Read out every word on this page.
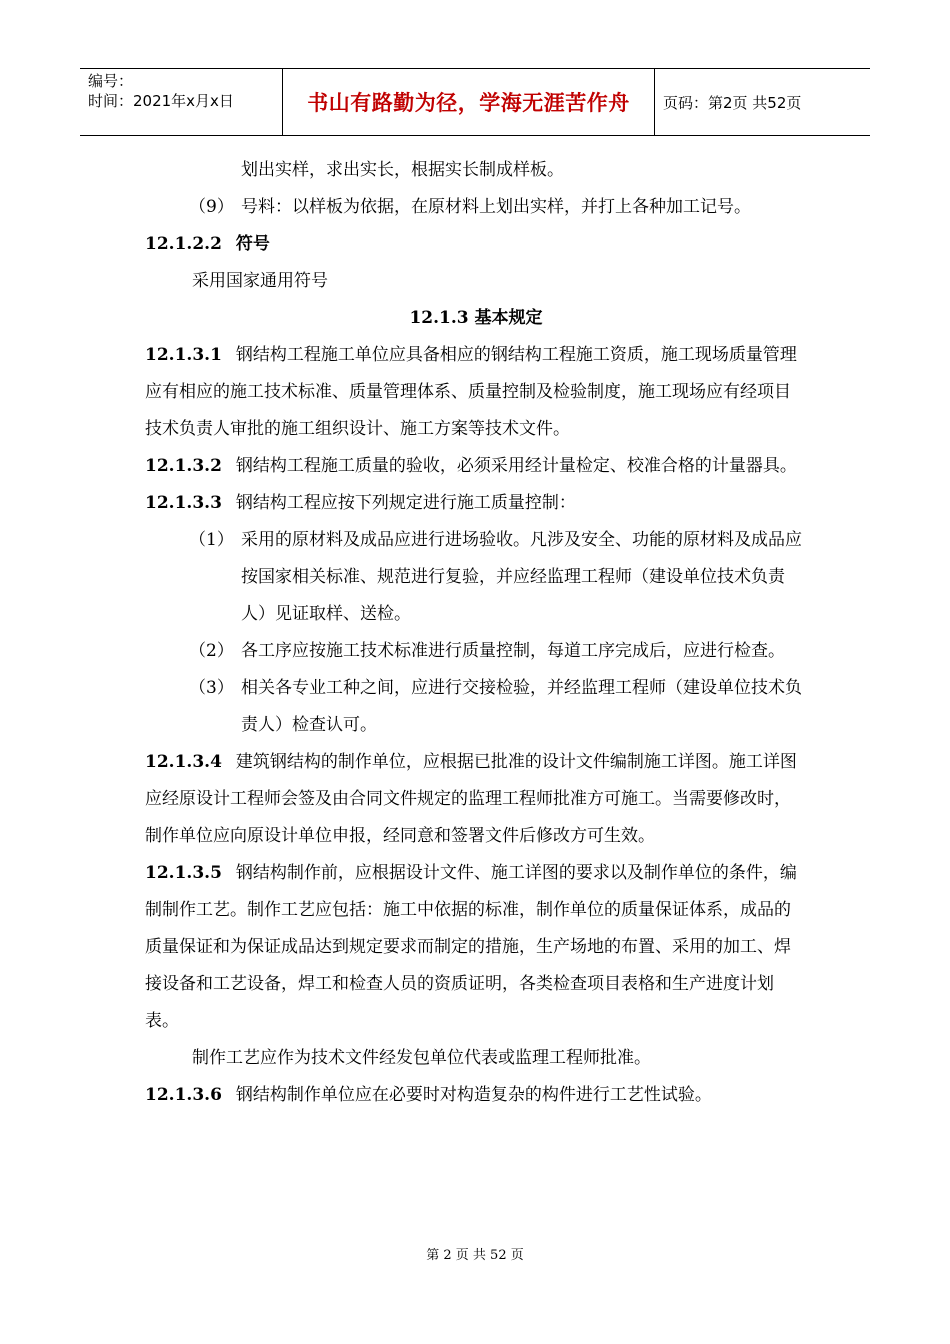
编号：
时间：2021年x月x日	书山有路勤为径，学海无涯苦作舟	页码：第2页 共52页

划出实样，求出实长，根据实长制成样板。

（9） 号料：以样板为依据，在原材料上划出实样，并打上各种加工记号。

12.1.2.2 符号

采用国家通用符号

12.1.3 基本规定

12.1.3.1 钢结构工程施工单位应具备相应的钢结构工程施工资质，施工现场质量管理应有相应的施工技术标准、质量管理体系、质量控制及检验制度，施工现场应有经项目技术负责人审批的施工组织设计、施工方案等技术文件。

12.1.3.2 钢结构工程施工质量的验收，必须采用经计量检定、校准合格的计量器具。

12.1.3.3 钢结构工程应按下列规定进行施工质量控制：

（1） 采用的原材料及成品应进行进场验收。凡涉及安全、功能的原材料及成品应按国家相关标准、规范进行复验，并应经监理工程师（建设单位技术负责人）见证取样、送检。
（2） 各工序应按施工技术标准进行质量控制，每道工序完成后，应进行检查。
（3） 相关各专业工种之间，应进行交接检验，并经监理工程师（建设单位技术负责人）检查认可。

12.1.3.4 建筑钢结构的制作单位，应根据已批准的设计文件编制施工详图。施工详图应经原设计工程师会签及由合同文件规定的监理工程师批准方可施工。当需要修改时，制作单位应向原设计单位申报，经同意和签署文件后修改方可生效。

12.1.3.5 钢结构制作前，应根据设计文件、施工详图的要求以及制作单位的条件，编制制作工艺。制作工艺应包括：施工中依据的标准，制作单位的质量保证体系，成品的质量保证和为保证成品达到规定要求而制定的措施，生产场地的布置、采用的加工、焊接设备和工艺设备，焊工和检查人员的资质证明，各类检查项目表格和生产进度计划表。

制作工艺应作为技术文件经发包单位代表或监理工程师批准。

12.1.3.6 钢结构制作单位应在必要时对构造复杂的构件进行工艺性试验。

第 2 页 共 52 页
